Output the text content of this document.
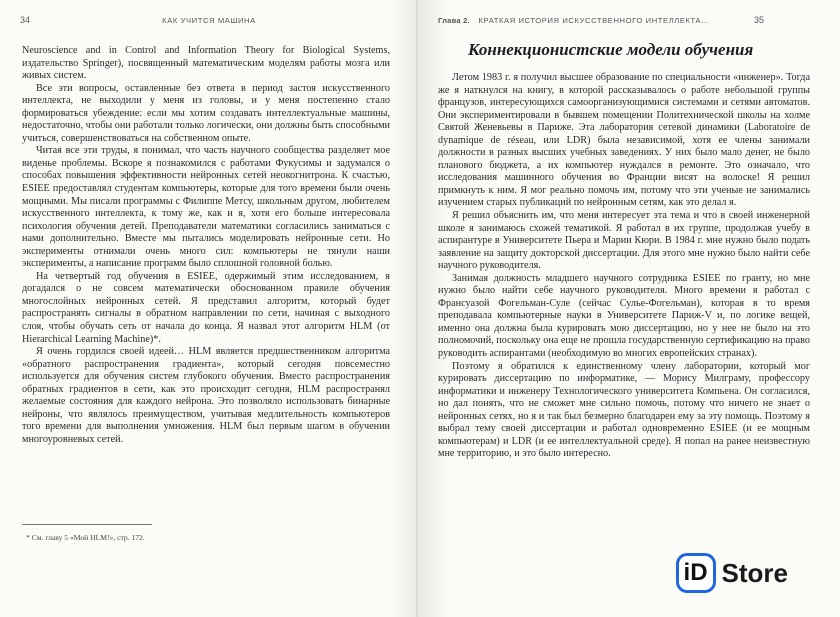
34	КАК УЧИТСЯ МАШИНА

Neuroscience and in Control and Information Theory for Biological Systems, издательство Springer), посвященный математическим моделям работы мозга или живых систем.

Все эти вопросы, оставленные без ответа в период застоя искусственного интеллекта, не выходили у меня из головы, и у меня постепенно стало формироваться убеждение: если мы хотим создавать интеллектуальные машины, недостаточно, чтобы они работали только логически, они должны быть способными учиться, совершенствоваться на собственном опыте.

Читая все эти труды, я понимал, что часть научного сообщества разделяет мое виденье проблемы. Вскоре я познакомился с работами Фукусимы и задумался о способах повышения эффективности нейронных сетей неокогнитрона. К счастью, ESIEE предоставлял студентам компьютеры, которые для того времени были очень мощными. Мы писали программы с Филиппе Метсу, школьным другом, любителем искусственного интеллекта, к тому же, как и я, хотя его больше интересовала психология обучения детей. Преподаватели математики согласились заниматься с нами дополнительно. Вместе мы пытались моделировать нейронные сети. Но эксперименты отнимали очень много сил: компьютеры не тянули наши эксперименты, а написание программ было сплошной головной болью.

На четвертый год обучения в ESIEE, одержимый этим исследованием, я догадался о не совсем математически обоснованном правиле обучения многослойных нейронных сетей. Я представил алгоритм, который будет распространять сигналы в обратном направлении по сети, начиная с выходного слоя, чтобы обучать сеть от начала до конца. Я назвал этот алгоритм HLM (от Hierarchical Learning Machine)*.

Я очень гордился своей идеей… HLM является предшественником алгоритма «обратного распространения градиента», который сегодня повсеместно используется для обучения систем глубокого обучения. Вместо распространения обратных градиентов в сети, как это происходит сегодня, HLM распространял желаемые состояния для каждого нейрона. Это позволяло использовать бинарные нейроны, что являлось преимуществом, учитывая медлительность компьютеров того времени для выполнения умножения. HLM был первым шагом в обучении многоуровневых сетей.

* См. главу 5 «Мой HLM!», стр. 172.
Глава 2. КРАТКАЯ ИСТОРИЯ ИСКУССТВЕННОГО ИНТЕЛЛЕКТА…	35
Коннекционистские модели обучения

Летом 1983 г. я получил высшее образование по специальности «инженер». Тогда же я наткнулся на книгу, в которой рассказывалось о работе небольшой группы французов, интересующихся самоорганизующимися системами и сетями автоматов. Они экспериментировали в бывшем помещении Политехнической школы на холме Святой Женевьевы в Париже. Эта лаборатория сетевой динамики (Laboratoire de dynamique de réseau, или LDR) была независимой, хотя ее члены занимали должности в разных высших учебных заведениях. У них было мало денег, не было планового бюджета, а их компьютер нуждался в ремонте. Это означало, что исследования машинного обучения во Франции висят на волоске! Я решил примкнуть к ним. Я мог реально помочь им, потому что эти ученые не занимались изучением старых публикаций по нейронным сетям, как это делал я.

Я решил объяснить им, что меня интересует эта тема и что в своей инженерной школе я занимаюсь схожей тематикой. Я работал в их группе, продолжая учебу в аспирантуре в Университете Пьера и Марии Кюри. В 1984 г. мне нужно было подать заявление на защиту докторской диссертации. Для этого мне нужно было найти себе научного руководителя.

Занимая должность младшего научного сотрудника ESIEE по гранту, но мне нужно было найти себе научного руководителя. Много времени я работал с Франсуазой Фогельман-Суле (сейчас Сулье-Фогельман), которая в то время преподавала компьютерные науки в Университете Париж-V и, по логике вещей, именно она должна была курировать мою диссертацию, но у нее не было на это полномочий, поскольку она еще не прошла государственную сертификацию на право руководить аспирантами (необходимую во многих европейских странах).

Поэтому я обратился к единственному члену лаборатории, который мог курировать диссертацию по информатике, — Морису Милграму, профессору информатики и инженеру Технологического университета Компьена. Он согласился, но дал понять, что не сможет мне сильно помочь, потому что ничего не знает о нейронных сетях, но я и так был безмерно благодарен ему за эту помощь. Поэтому я выбрал тему своей диссертации и работал одновременно ESIEE (и ее мощным компьютерам) и LDR (и ее интеллектуальной среде). Я попал на ранее неизвестную мне территорию, и это было интересно.

iD Store
